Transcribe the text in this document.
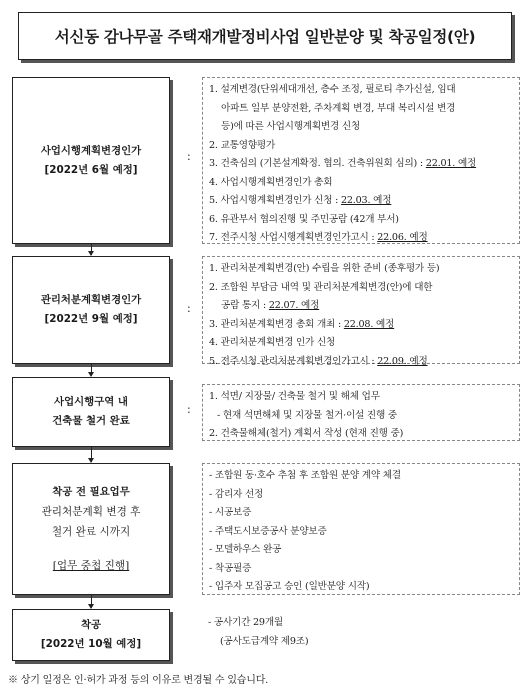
서신동 감나무골 주택재개발정비사업 일반분양 및 착공일정(안)
사업시행계획변경인가
[2022년 6월 예정]
:
1. 설계변경(단위세대개선, 층수 조정, 필로티 추가신설, 임대
아파트 일부 분양전환, 주차계획 변경, 부대 복리시설 변경
등)에 따른 사업시행계획변경 신청
2. 교통영향평가
3. 건축심의 (기본설계확정. 협의. 건축위원회 심의) : 22.01. 예정
4. 사업시행계획변경인가 총회
5. 사업시행계획변경인가 신청 : 22.03. 예정
6. 유관부서 협의진행 및 주민공람 (42개 부서)
7. 전주시청 사업시행계획변경인가고시 : 22.06. 예정
관리처분계획변경인가
[2022년 9월 예정]
:
1. 관리처분계획변경(안) 수립을 위한 준비 (종후평가 등)
2. 조합원 부담금 내역 및 관리처분계획변경(안)에 대한
공람 통지 : 22.07. 예정
3. 관리처분계획변경 총회 개최 : 22.08. 예정
4. 관리처분계획변경 인가 신청
5. 전주시청 관리처분계획변경인가고시 : 22.09. 예정
사업시행구역 내
건축물 철거 완료
:
1. 석면/ 지장물/ 건축물 철거 및 해체 업무
- 현재 석면해체 및 지장물 철거·이설 진행 중
2. 건축물해체(철거) 계획서 작성 (현재 진행 중)
착공 전 필요업무
관리처분계획 변경 후
철거 완료 시까지
[업무 중첩 진행]
- 조합원 동·호수 추첨 후 조합원 분양 계약 체결
- 감리자 선정
- 시공보증
- 주택도시보증공사 분양보증
- 모델하우스 완공
- 착공필증
- 입주자 모집공고 승인 (일반분양 시작)
착공
[2022년 10월 예정]
- 공사기간 29개월
(공사도급계약 제9조)
※ 상기 일정은 인·허가 과정 등의 이유로 변경될 수 있습니다.
